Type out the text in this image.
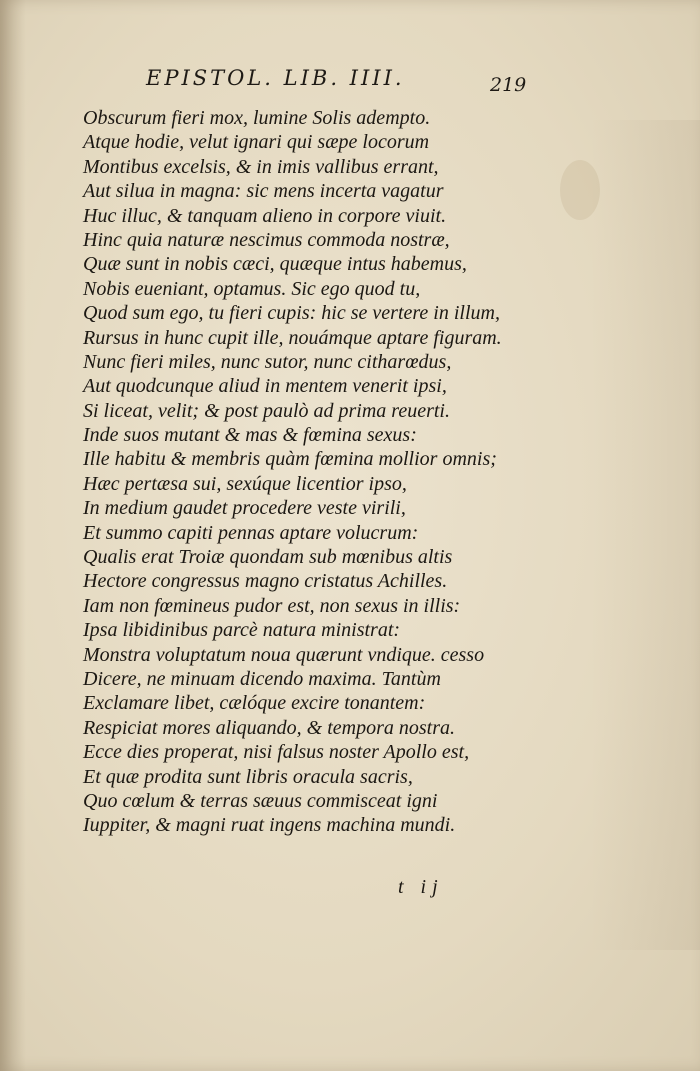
EPISTOL. LIB. IIII.	219
Obscurum fieri mox, lumine Solis adempto.
Atque hodie, velut ignari qui sæpe locorum
Montibus excelsis, & in imis vallibus errant,
Aut silua in magna: sic mens incerta vagatur
Huc illuc, & tanquam alieno in corpore viuit.
Hinc quia naturæ nescimus commoda nostræ,
Quæ sunt in nobis cæci, quæque intus habemus,
Nobis eueniant, optamus. Sic ego quod tu,
Quod sum ego, tu fieri cupis: hic se vertere in illum,
Rursus in hunc cupit ille, nouámque aptare figuram.
Nunc fieri miles, nunc sutor, nunc citharœdus,
Aut quodcunque aliud in mentem venerit ipsi,
Si liceat, velit; & post paulò ad prima reuerti.
Inde suos mutant & mas & fœmina sexus:
Ille habitu & membris quàm fœmina mollior omnis;
Hæc pertæsa sui, sexúque licentior ipso,
In medium gaudet procedere veste virili,
Et summo capiti pennas aptare volucrum:
Qualis erat Troiæ quondam sub mœnibus altis
Hectore congressus magno cristatus Achilles.
Iam non fœmineus pudor est, non sexus in illis:
Ipsa libidinibus parcè natura ministrat:
Monstra voluptatum noua quærunt vndique. cesso
Dicere, ne minuam dicendo maxima. Tantùm
Exclamare libet, cælóque excire tonantem:
Respiciat mores aliquando, & tempora nostra.
Ecce dies properat, nisi falsus noster Apollo est,
Et quæ prodita sunt libris oracula sacris,
Quo cœlum & terras sæuus commisceat igni
Iuppiter, & magni ruat ingens machina mundi.
t ij
